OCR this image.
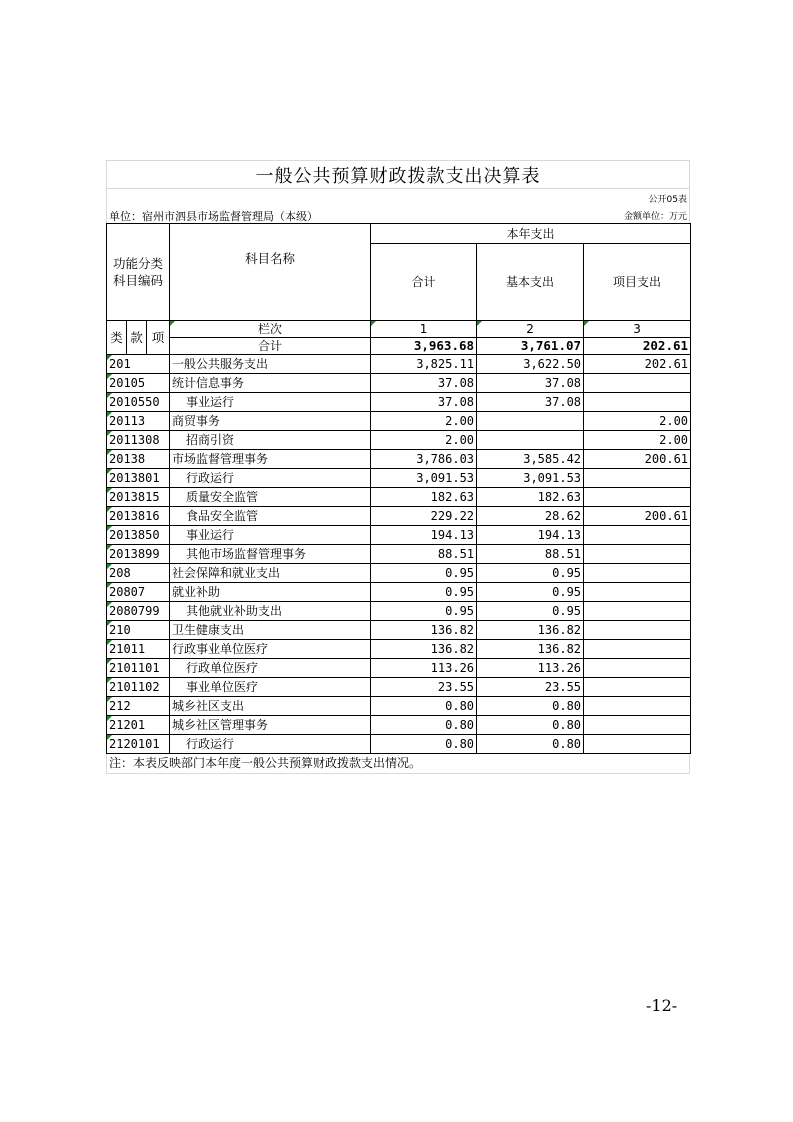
一般公共预算财政拨款支出决算表
公开05表
单位：宿州市泗县市场监督管理局（本级）	金额单位：万元
功能分类科目编码			科目名称	本年支出		
				合计	基本支出	项目支出
类	款	项	栏次	1	2	3
			合计	3,963.68	3,761.07	202.61
201			一般公共服务支出	3,825.11	3,622.50	202.61
20105			统计信息事务	37.08	37.08	
2010550			事业运行	37.08	37.08	
20113			商贸事务	2.00		2.00
2011308			招商引资	2.00		2.00
20138			市场监督管理事务	3,786.03	3,585.42	200.61
2013801			行政运行	3,091.53	3,091.53	
2013815			质量安全监管	182.63	182.63	
2013816			食品安全监管	229.22	28.62	200.61
2013850			事业运行	194.13	194.13	
2013899			其他市场监督管理事务	88.51	88.51	
208			社会保障和就业支出	0.95	0.95	
20807			就业补助	0.95	0.95	
2080799			其他就业补助支出	0.95	0.95	
210			卫生健康支出	136.82	136.82	
21011			行政事业单位医疗	136.82	136.82	
2101101			行政单位医疗	113.26	113.26	
2101102			事业单位医疗	23.55	23.55	
212			城乡社区支出	0.80	0.80	
21201			城乡社区管理事务	0.80	0.80	
2120101			行政运行	0.80	0.80	
注：本表反映部门本年度一般公共预算财政拨款支出情况。
-12-
